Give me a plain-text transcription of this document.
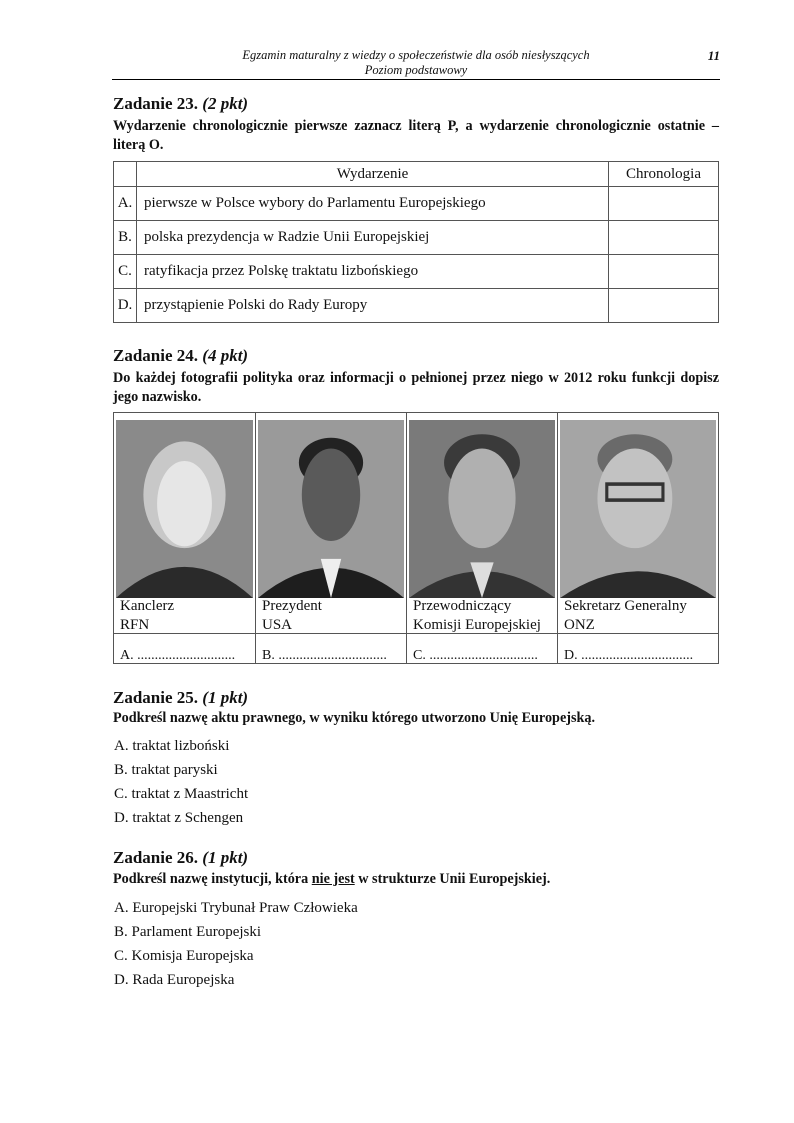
Egzamin maturalny z wiedzy o społeczeństwie dla osób niesłyszących
Poziom podstawowy
11
Zadanie 23. (2 pkt)
Wydarzenie chronologicznie pierwsze zaznacz literą P, a wydarzenie chronologicznie ostatnie – literą O.
	Wydarzenie	Chronologia
A.	pierwsze w Polsce wybory do Parlamentu Europejskiego	
B.	polska prezydencja w Radzie Unii Europejskiej	
C.	ratyfikacja przez Polskę traktatu lizbońskiego	
D.	przystąpienie Polski do Rady Europy	
Zadanie 24. (4 pkt)
Do każdej fotografii polityka oraz informacji o pełnionej przez niego w 2012 roku funkcji dopisz jego nazwisko.
Kanclerz
RFN
A. ............................
Prezydent
USA
B. ...............................
Przewodniczący
Komisji Europejskiej
C. ...............................
Sekretarz Generalny
ONZ
D. ................................
Zadanie 25. (1 pkt)
Podkreśl nazwę aktu prawnego, w wyniku którego utworzono Unię Europejską.
A. traktat lizboński
B. traktat paryski
C. traktat z Maastricht
D. traktat z Schengen
Zadanie 26. (1 pkt)
Podkreśl nazwę instytucji, która nie jest w strukturze Unii Europejskiej.
A. Europejski Trybunał Praw Człowieka
B. Parlament Europejski
C. Komisja Europejska
D. Rada Europejska
